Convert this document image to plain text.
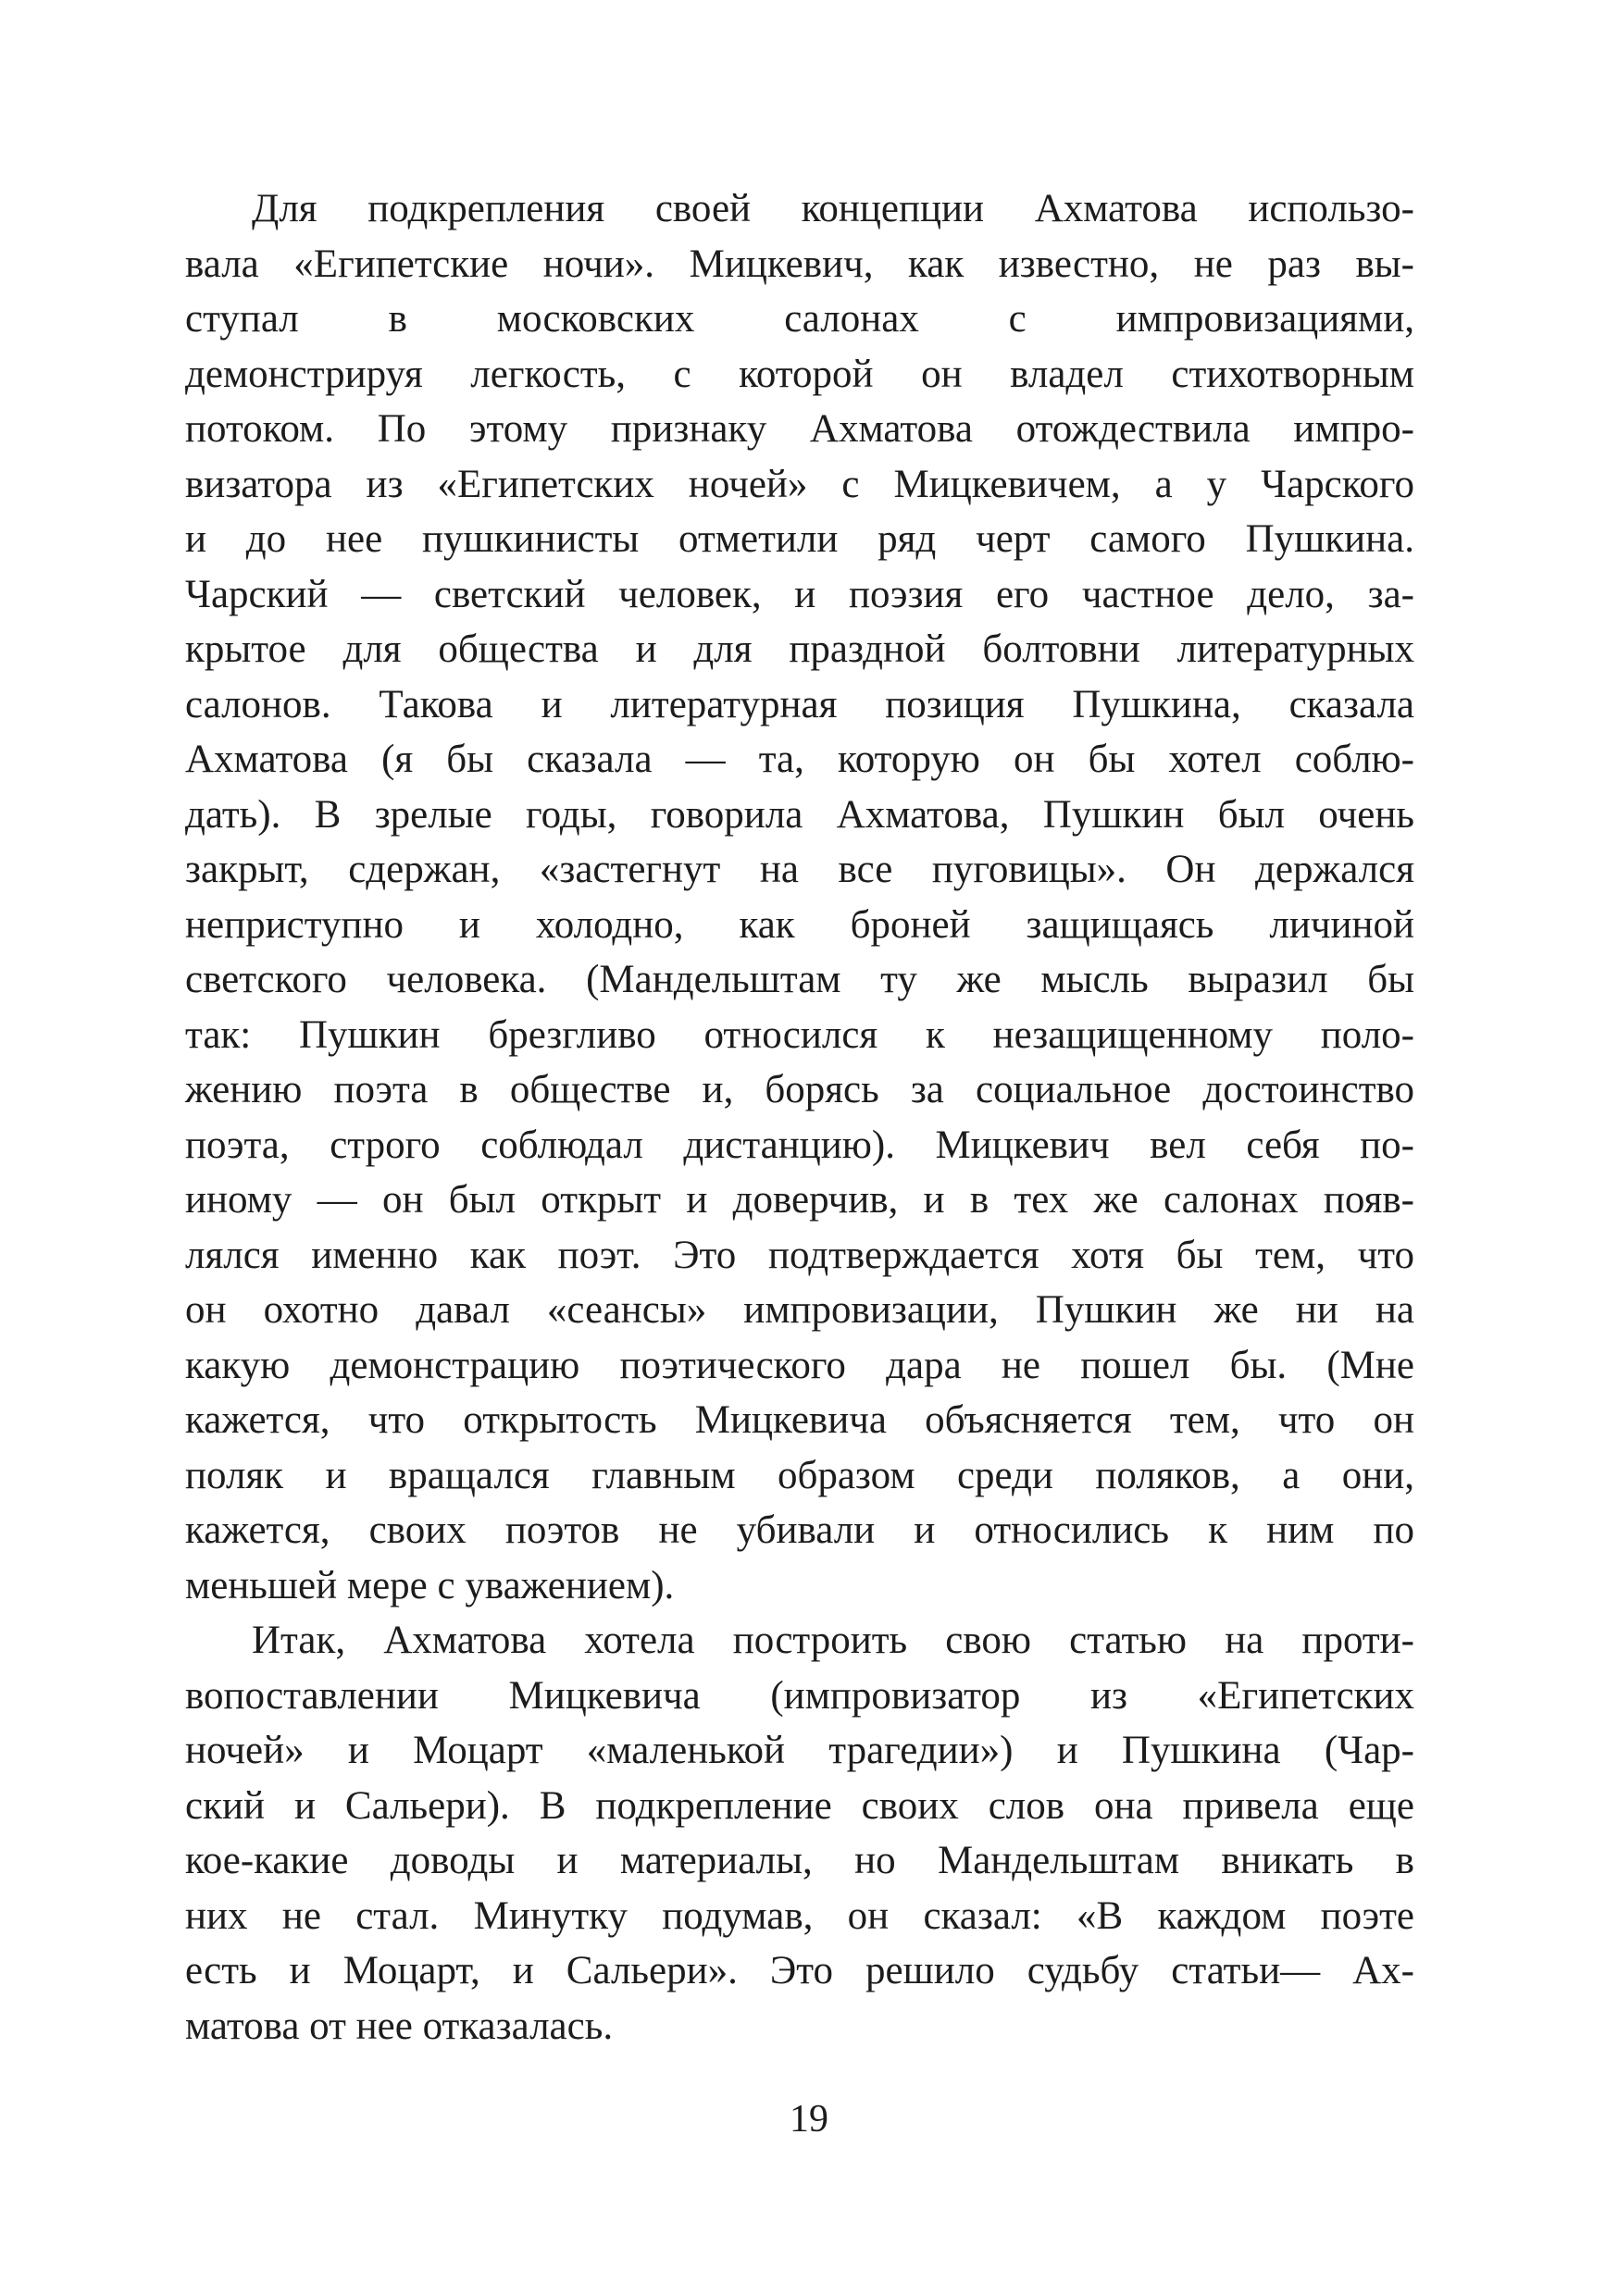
Для подкрепления своей концепции Ахматова использо-
вала «Египетские ночи». Мицкевич, как известно, не раз вы-
ступал в московских салонах с импровизациями,
демонстрируя легкость, с которой он владел стихотворным
потоком. По этому признаку Ахматова отождествила импро-
визатора из «Египетских ночей» с Мицкевичем, а у Чарского
и до нее пушкинисты отметили ряд черт самого Пушкина.
Чарский — светский человек, и поэзия его частное дело, за-
крытое для общества и для праздной болтовни литературных
салонов. Такова и литературная позиция Пушкина, сказала
Ахматова (я бы сказала — та, которую он бы хотел соблю-
дать). В зрелые годы, говорила Ахматова, Пушкин был очень
закрыт, сдержан, «застегнут на все пуговицы». Он держался
неприступно и холодно, как броней защищаясь личиной
светского человека. (Мандельштам ту же мысль выразил бы
так: Пушкин брезгливо относился к незащищенному поло-
жению поэта в обществе и, борясь за социальное достоинство
поэта, строго соблюдал дистанцию). Мицкевич вел себя по-
иному — он был открыт и доверчив, и в тех же салонах появ-
лялся именно как поэт. Это подтверждается хотя бы тем, что
он охотно давал «сеансы» импровизации, Пушкин же ни на
какую демонстрацию поэтического дара не пошел бы. (Мне
кажется, что открытость Мицкевича объясняется тем, что он
поляк и вращался главным образом среди поляков, а они,
кажется, своих поэтов не убивали и относились к ним по
меньшей мере с уважением).
Итак, Ахматова хотела построить свою статью на проти-
вопоставлении Мицкевича (импровизатор из «Египетских
ночей» и Моцарт «маленькой трагедии») и Пушкина (Чар-
ский и Сальери). В подкрепление своих слов она привела еще
кое-какие доводы и материалы, но Мандельштам вникать в
них не стал. Минутку подумав, он сказал: «В каждом поэте
есть и Моцарт, и Сальери». Это решило судьбу статьи— Ах-
матова от нее отказалась.
19
